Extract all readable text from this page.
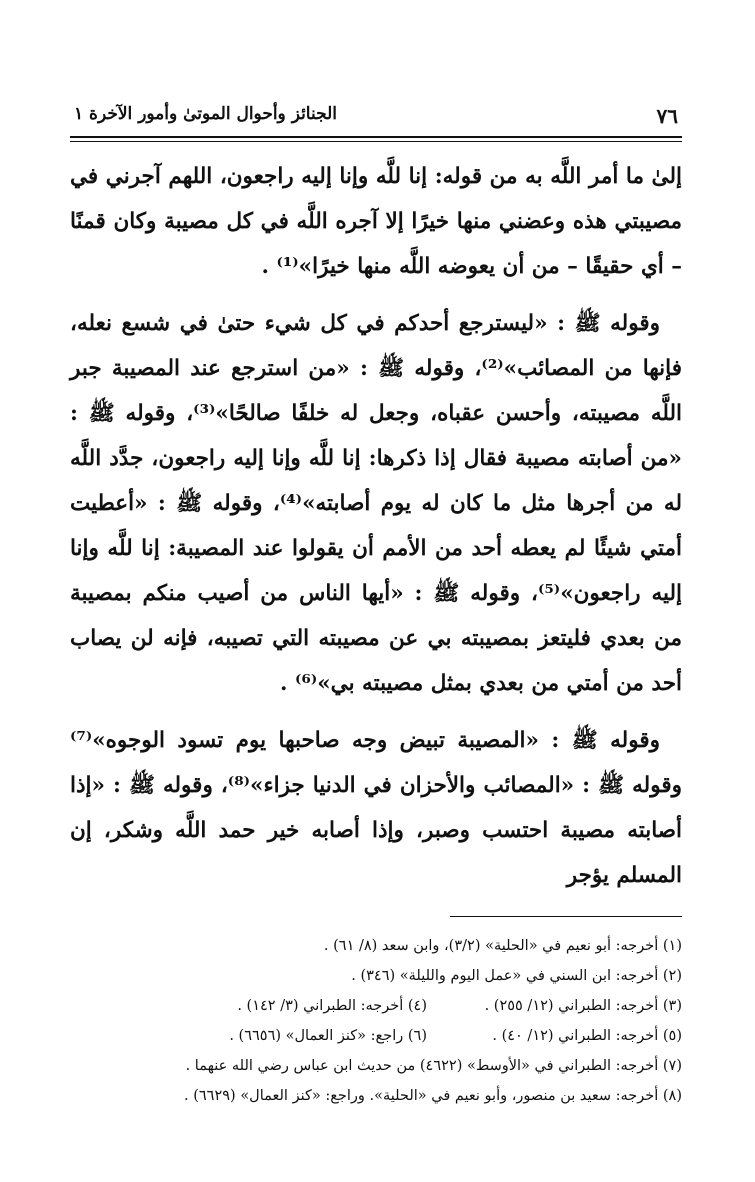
٧٦
الجنائز وأحوال الموتىٰ وأمور الآخرة ١

إلىٰ ما أمر اللَّه به من قوله: إنا للَّه وإنا إليه راجعون، اللهم آجرني في مصيبتي هذه وعضني منها خيرًا إلا آجره اللَّه في كل مصيبة وكان قمنًا – أي حقيقًا – من أن يعوضه اللَّه منها خيرًا»⁽¹⁾ .

وقوله ﷺ : «ليسترجع أحدكم في كل شيء حتىٰ في شسع نعله، فإنها من المصائب»⁽²⁾، وقوله ﷺ : «من استرجع عند المصيبة جبر اللَّه مصيبته، وأحسن عقباه، وجعل له خلفًا صالحًا»⁽³⁾، وقوله ﷺ : «من أصابته مصيبة فقال إذا ذكرها: إنا للَّه وإنا إليه راجعون، جدَّد اللَّه له من أجرها مثل ما كان له يوم أصابته»⁽⁴⁾، وقوله ﷺ : «أعطيت أمتي شيئًا لم يعطه أحد من الأمم أن يقولوا عند المصيبة: إنا للَّه وإنا إليه راجعون»⁽⁵⁾، وقوله ﷺ : «أيها الناس من أصيب منكم بمصيبة من بعدي فليتعز بمصيبته بي عن مصيبته التي تصيبه، فإنه لن يصاب أحد من أمتي من بعدي بمثل مصيبته بي»⁽⁶⁾ .

وقوله ﷺ : «المصيبة تبيض وجه صاحبها يوم تسود الوجوه»⁽⁷⁾ وقوله ﷺ : «المصائب والأحزان في الدنيا جزاء»⁽⁸⁾، وقوله ﷺ : «إذا أصابته مصيبة احتسب وصبر، وإذا أصابه خير حمد اللَّه وشكر، إن المسلم يؤجر

(١) أخرجه: أبو نعيم في «الحلية» (٣/٢)، وابن سعد (٨/ ٦١) .

(٢) أخرجه: ابن السني في «عمل اليوم والليلة» (٣٤٦) .

(٣) أخرجه: الطبراني (١٢/ ٢٥٥) .
(٤) أخرجه: الطبراني (٣/ ١٤٢) .
(٥) أخرجه: الطبراني (١٢/ ٤٠) .
(٦) راجع: «كنز العمال» (٦٦٥٦) .

(٧) أخرجه: الطبراني في «الأوسط» (٤٦٢٢) من حديث ابن عباس رضي الله عنهما .

(٨) أخرجه: سعيد بن منصور، وأبو نعيم في «الحلية». وراجع: «كنز العمال» (٦٦٢٩) .
